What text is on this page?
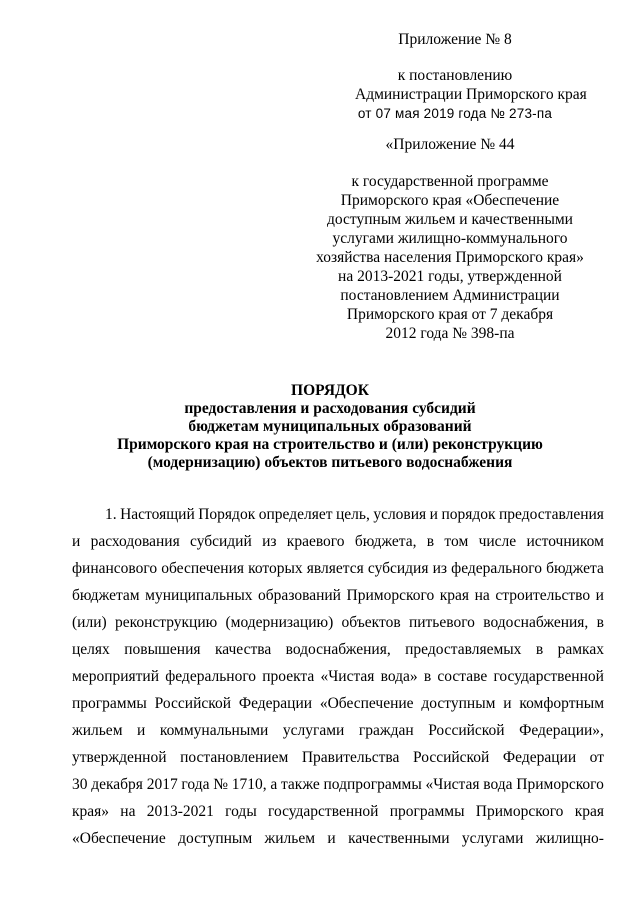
Приложение № 8
к постановлению
Администрации Приморского края
от 07 мая 2019 года № 273-па
«Приложение № 44
к государственной программе
Приморского края «Обеспечение
доступным жильем и качественными
услугами жилищно-коммунального
хозяйства населения Приморского края»
на 2013-2021 годы, утвержденной
постановлением Администрации
Приморского края от 7 декабря
2012 года № 398-па
ПОРЯДОК
предоставления и расходования субсидий
бюджетам муниципальных образований
Приморского края на строительство и (или) реконструкцию
(модернизацию) объектов питьевого водоснабжения
1. Настоящий Порядок определяет цель, условия и порядок предоставления
и расходования субсидий из краевого бюджета, в том числе источником
финансового обеспечения которых является субсидия из федерального бюджета
бюджетам муниципальных образований Приморского края на строительство и
(или) реконструкцию (модернизацию) объектов питьевого водоснабжения, в
целях повышения качества водоснабжения, предоставляемых в рамках
мероприятий федерального проекта «Чистая вода» в составе государственной
программы Российской Федерации «Обеспечение доступным и комфортным
жильем и коммунальными услугами граждан Российской Федерации»,
утвержденной постановлением Правительства Российской Федерации от
30 декабря 2017 года № 1710, а также подпрограммы «Чистая вода Приморского
края» на 2013-2021 годы государственной программы Приморского края
«Обеспечение доступным жильем и качественными услугами жилищно-
